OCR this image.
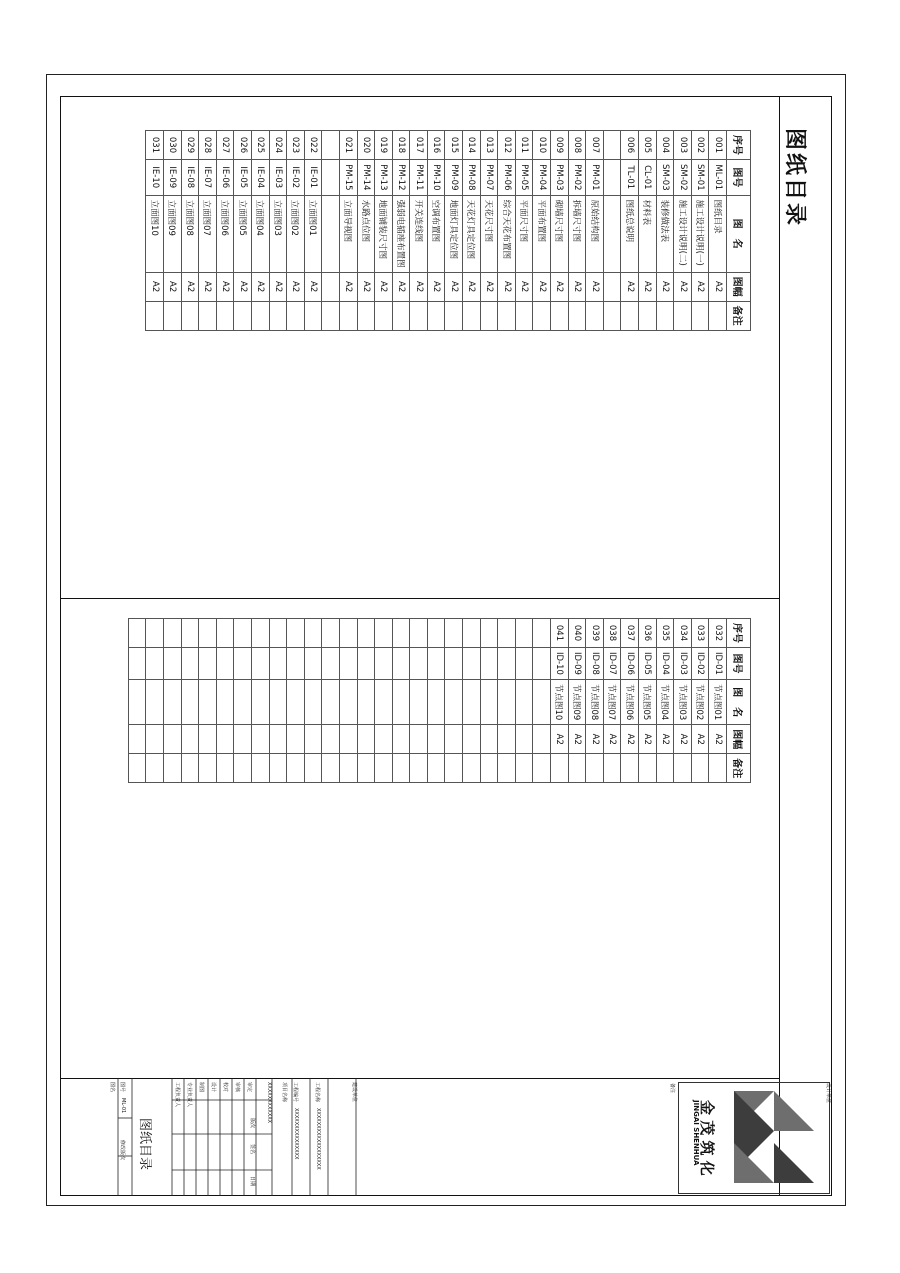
图纸目录
序号	图号	图　名	图幅	备注
001	ML-01	图纸目录	A2	
002	SM-01	施工设计说明(一)	A2	
003	SM-02	施工设计说明(二)	A2	
004	SM-03	装修做法表	A2	
005	CL-01	材料表	A2	
006	TL-01	图纸总说明	A2	

007	PM-01	原始结构图	A2	
008	PM-02	拆墙尺寸图	A2	
009	PM-03	砌墙尺寸图	A2	
010	PM-04	平面布置图	A2	
011	PM-05	平面尺寸图	A2	
012	PM-06	综合天花布置图	A2	
013	PM-07	天花尺寸图	A2	
014	PM-08	天花灯具定位图	A2	
015	PM-09	地面灯具定位图	A2	
016	PM-10	空调布置图	A2	
017	PM-11	开关连线图	A2	
018	PM-12	强弱电插座布置图	A2	
019	PM-13	地面铺装尺寸图	A2	
020	PM-14	水路点位图	A2	
021	PM-15	立面导视图	A2	

022	IE-01	立面图01	A2	
023	IE-02	立面图02	A2	
024	IE-03	立面图03	A2	
025	IE-04	立面图04	A2	
026	IE-05	立面图05	A2	
027	IE-06	立面图06	A2	
028	IE-07	立面图07	A2	
029	IE-08	立面图08	A2	
030	IE-09	立面图09	A2	
031	IE-10	立面图10	A2	
序号	图号	图　名	图幅	备注
032	ID-01	节点图01	A2	
033	ID-02	节点图02	A2	
034	ID-03	节点图03	A2	
035	ID-04	节点图04	A2	
036	ID-05	节点图05	A2	
037	ID-06	节点图06	A2	
038	ID-07	节点图07	A2	
039	ID-08	节点图08	A2	
040	ID-09	节点图09	A2	
041	ID-10	节点图10	A2	

设计单位
备注
金 茂 筑 化
JINGAI SHENHUA
建设单位
工程名称
XXXXXXXXXXXXXXXXXX
工程编号
XXXXXXXXXXXXXXX
项目名称
XXXXXXXXXXXX
版次
签名
日期
审定
审核
校对
设计
制图
专业负责人
工程负责人
图纸目录
图号
ML-01
修改版次
图名
